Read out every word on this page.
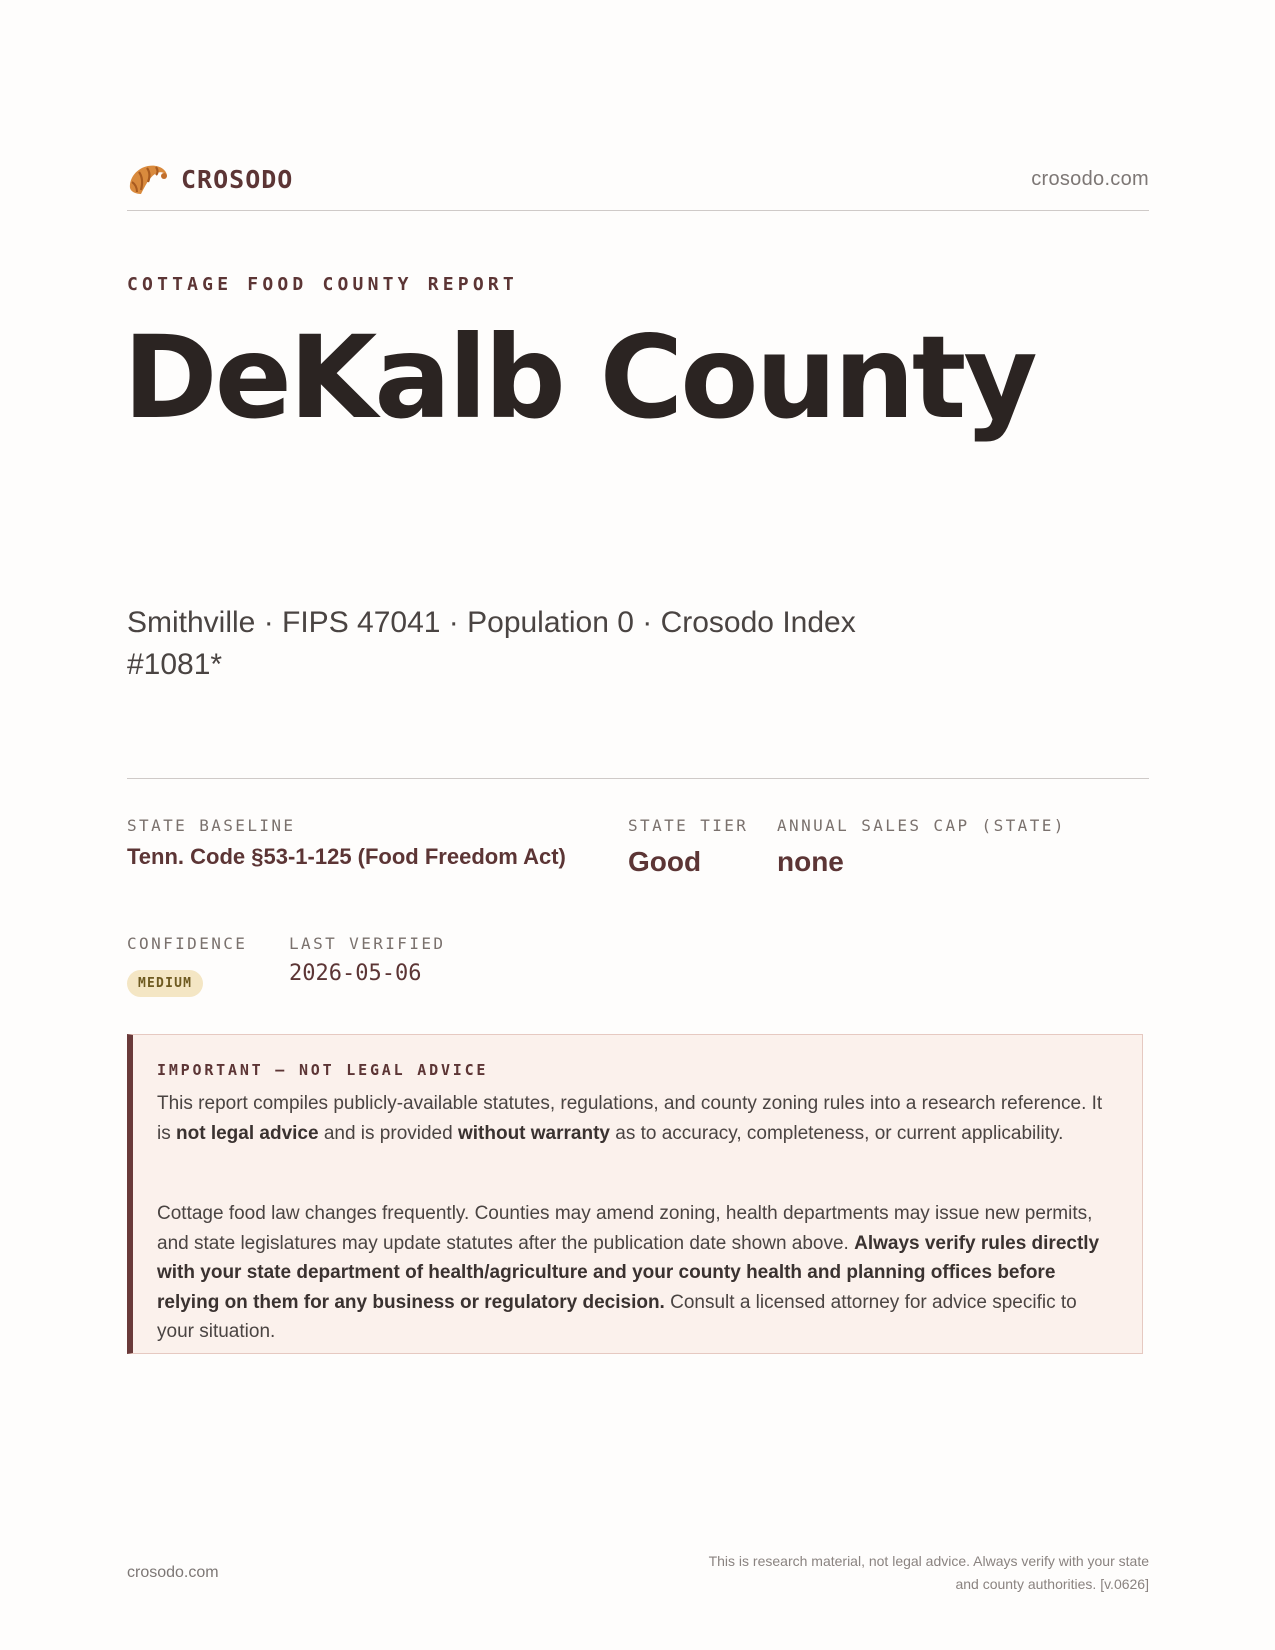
CROSODO	crosodo.com
COTTAGE FOOD COUNTY REPORT
DeKalb County
Smithville · FIPS 47041 · Population 0 · Crosodo Index #1081*
STATE BASELINE
Tenn. Code §53-1-125 (Food Freedom Act)
STATE TIER
Good
ANNUAL SALES CAP (STATE)
none
CONFIDENCE
MEDIUM
LAST VERIFIED
2026-05-06
IMPORTANT — NOT LEGAL ADVICE

This report compiles publicly-available statutes, regulations, and county zoning rules into a research reference. It is not legal advice and is provided without warranty as to accuracy, completeness, or current applicability.

Cottage food law changes frequently. Counties may amend zoning, health departments may issue new permits, and state legislatures may update statutes after the publication date shown above. Always verify rules directly with your state department of health/agriculture and your county health and planning offices before relying on them for any business or regulatory decision. Consult a licensed attorney for advice specific to your situation.

crosodo.com
This is research material, not legal advice. Always verify with your state
and county authorities. [v.0626]
